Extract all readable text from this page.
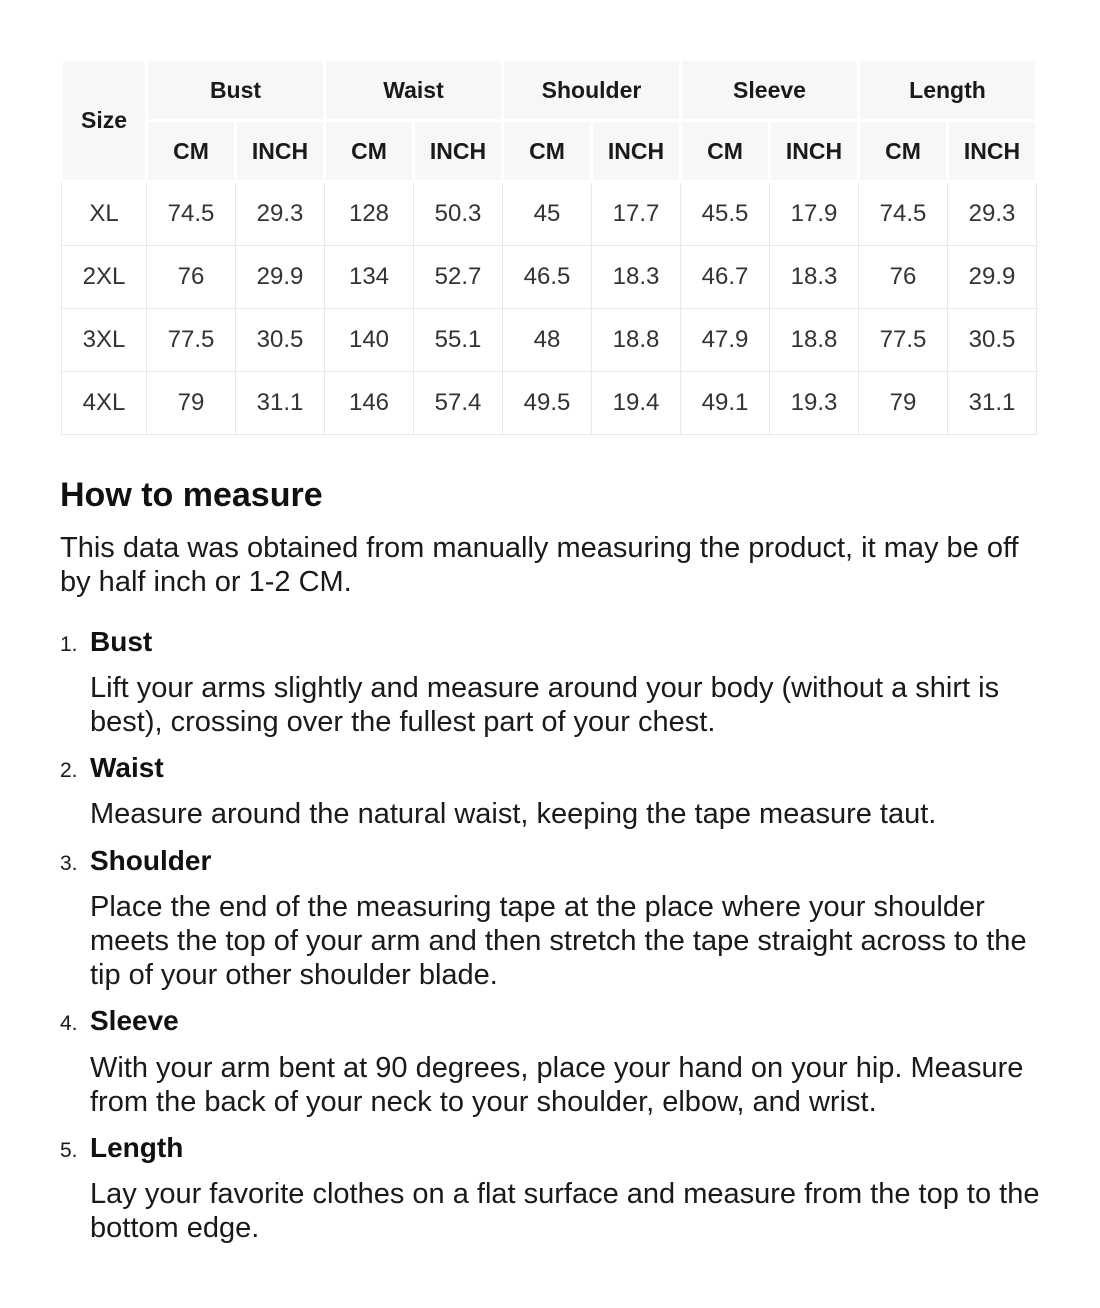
Size	Bust		Waist		Shoulder		Sleeve		Length	
	CM	INCH	CM	INCH	CM	INCH	CM	INCH	CM	INCH
XL	74.5	29.3	128	50.3	45	17.7	45.5	17.9	74.5	29.3
2XL	76	29.9	134	52.7	46.5	18.3	46.7	18.3	76	29.9
3XL	77.5	30.5	140	55.1	48	18.8	47.9	18.8	77.5	30.5
4XL	79	31.1	146	57.4	49.5	19.4	49.1	19.3	79	31.1
How to measure

This data was obtained from manually measuring the product, it may be off by half inch or 1-2 CM.

1. Bust

Lift your arms slightly and measure around your body (without a shirt is best), crossing over the fullest part of your chest.

2. Waist

Measure around the natural waist, keeping the tape measure taut.

3. Shoulder

Place the end of the measuring tape at the place where your shoulder meets the top of your arm and then stretch the tape straight across to the tip of your other shoulder blade.

4. Sleeve

With your arm bent at 90 degrees, place your hand on your hip. Measure from the back of your neck to your shoulder, elbow, and wrist.

5. Length

Lay your favorite clothes on a flat surface and measure from the top to the bottom edge.
